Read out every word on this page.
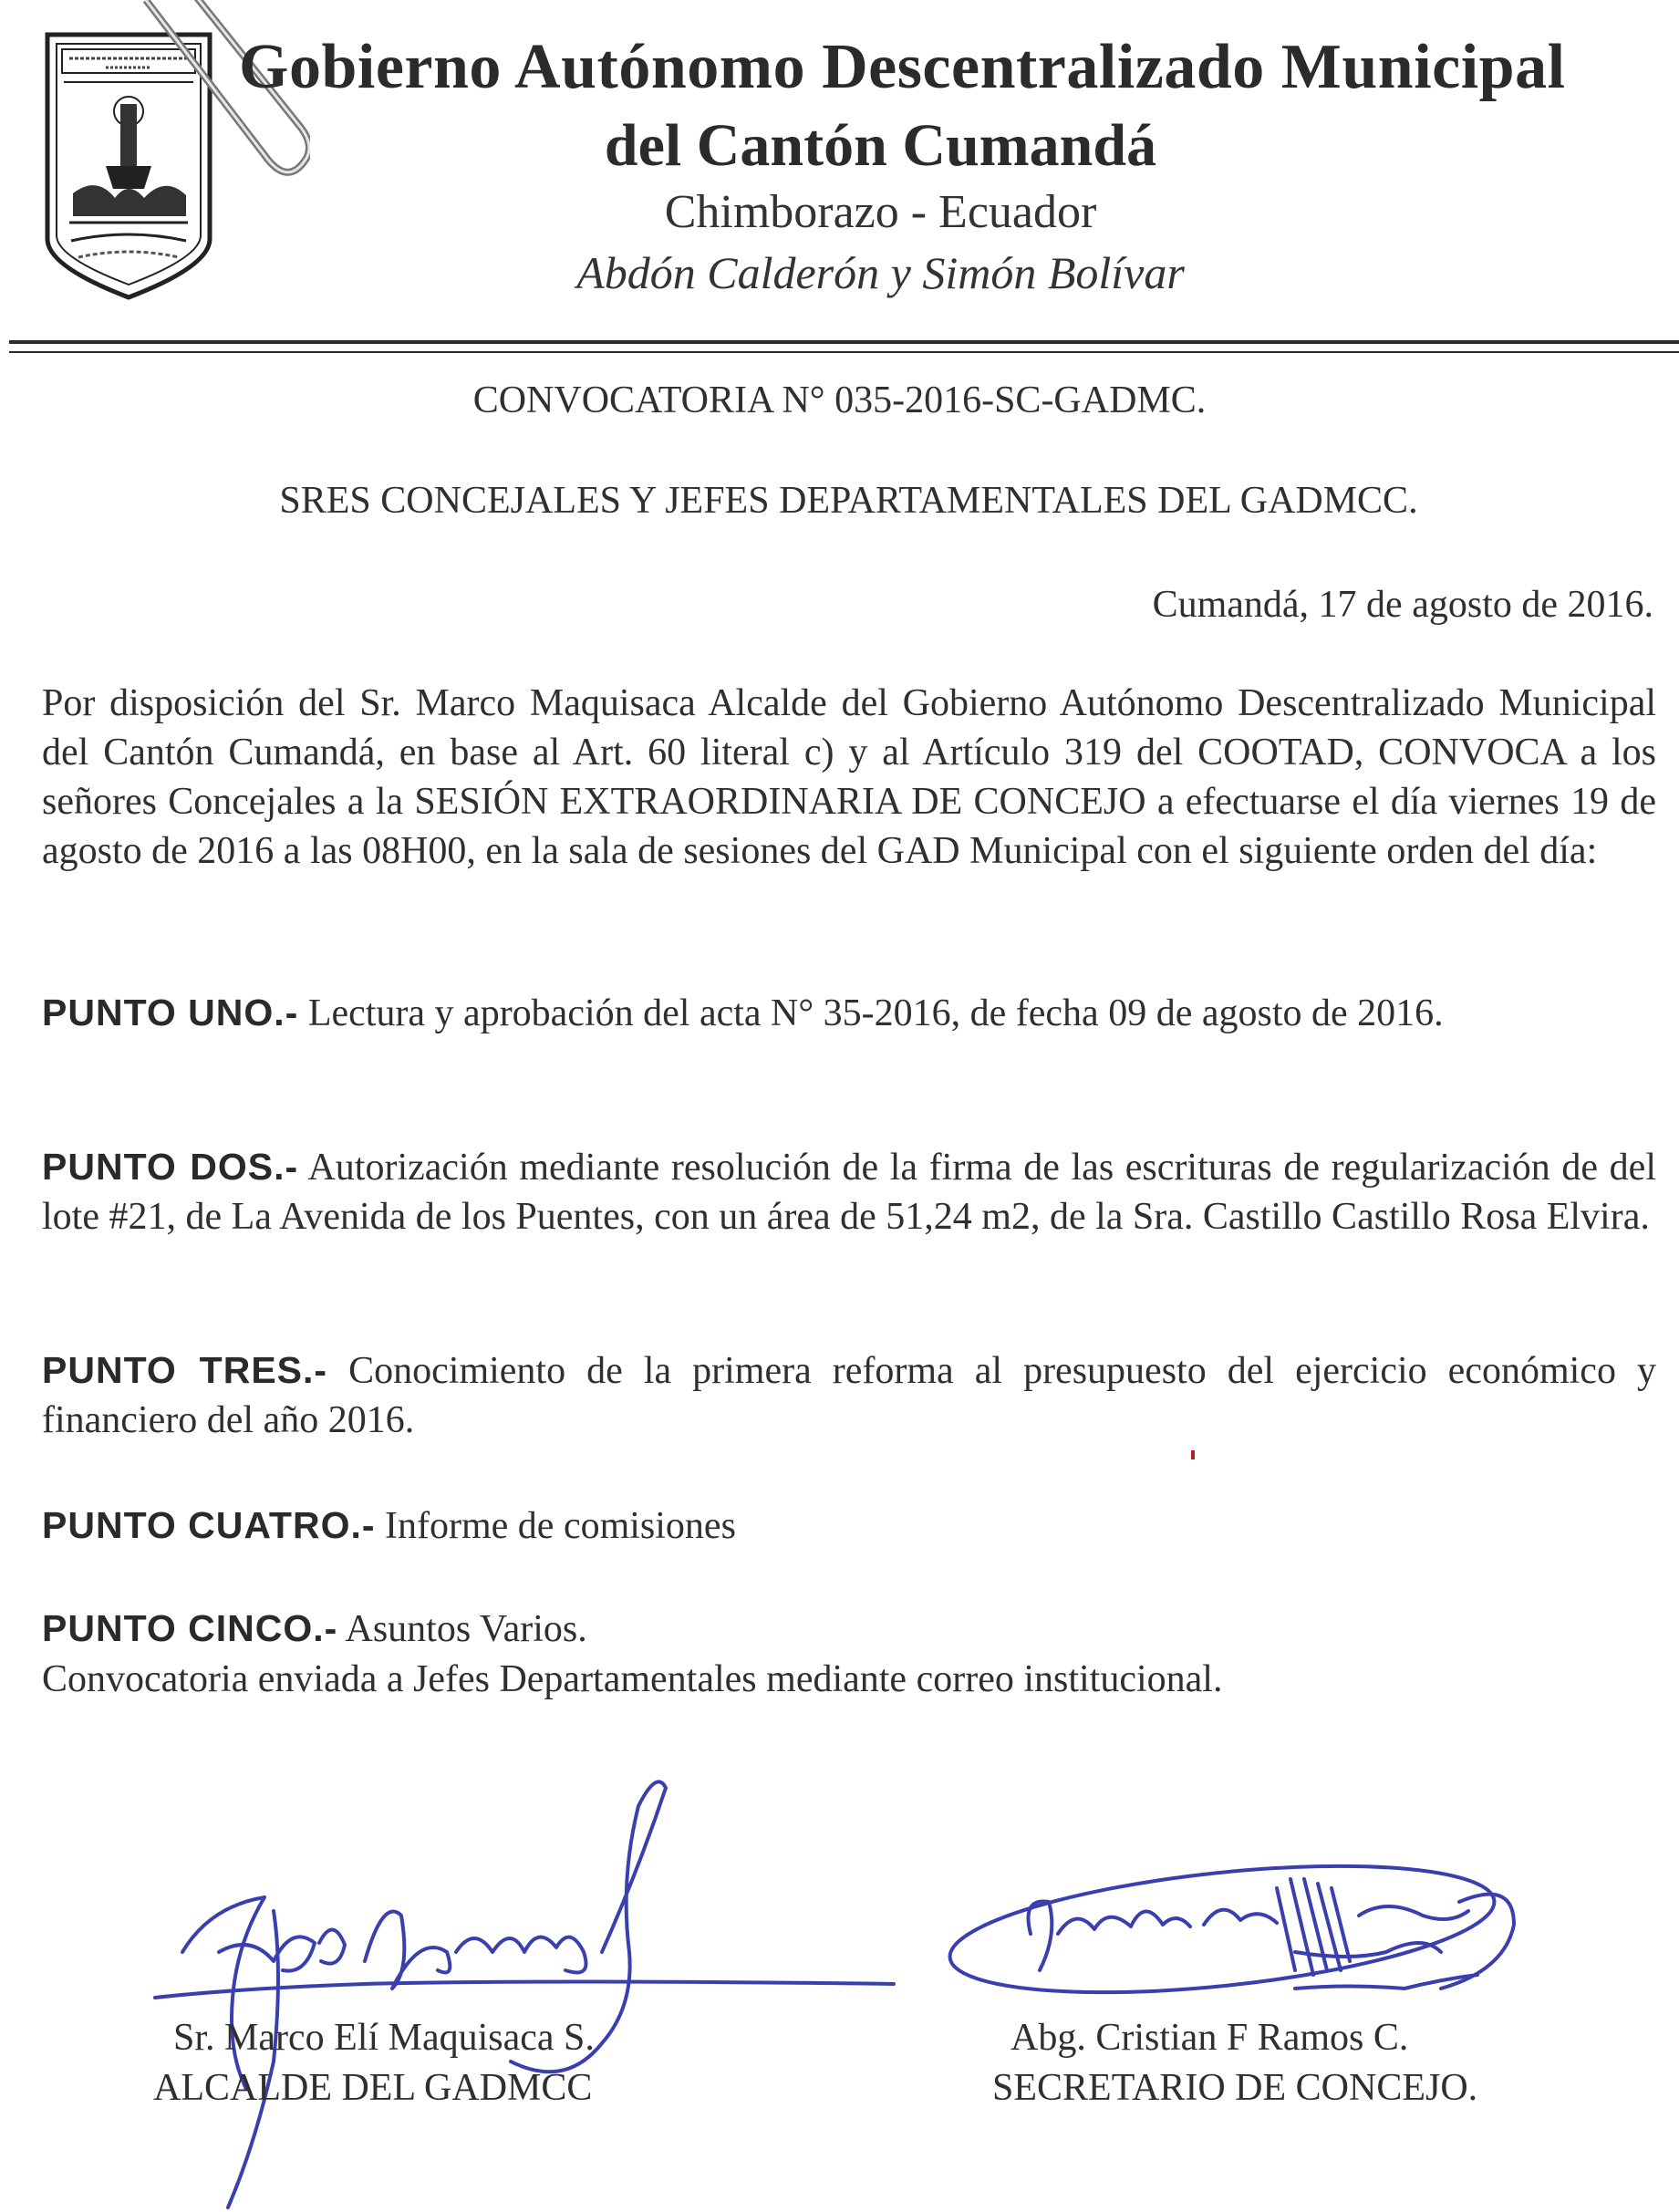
Gobierno Autónomo Descentralizado Municipal
del Cantón Cumandá
Chimborazo - Ecuador
Abdón Calderón y Simón Bolívar
CONVOCATORIA N° 035-2016-SC-GADMC.
SRES CONCEJALES Y JEFES DEPARTAMENTALES DEL GADMCC.
Cumandá, 17 de agosto de 2016.
Por disposición del Sr. Marco Maquisaca Alcalde del Gobierno Autónomo Descentralizado Municipal del Cantón Cumandá, en base al Art. 60 literal c) y al Artículo 319 del COOTAD, CONVOCA a los señores Concejales a la SESIÓN EXTRAORDINARIA DE CONCEJO a efectuarse el día viernes 19 de agosto de 2016 a las 08H00, en la sala de sesiones del GAD Municipal con el siguiente orden del día:
PUNTO UNO.- Lectura y aprobación del acta N° 35-2016, de fecha 09 de agosto de 2016.
PUNTO DOS.- Autorización mediante resolución de la firma de las escrituras de regularización de del lote #21, de La Avenida de los Puentes, con un área de 51,24 m2, de la Sra. Castillo Castillo Rosa Elvira.
PUNTO TRES.- Conocimiento de la primera reforma al presupuesto del ejercicio económico y financiero del año 2016.
PUNTO CUATRO.- Informe de comisiones
PUNTO CINCO.- Asuntos Varios.
Convocatoria enviada a Jefes Departamentales mediante correo institucional.
Sr. Marco Elí Maquisaca S.
ALCALDE DEL GADMCC
Abg. Cristian F Ramos C.
SECRETARIO DE CONCEJO.
